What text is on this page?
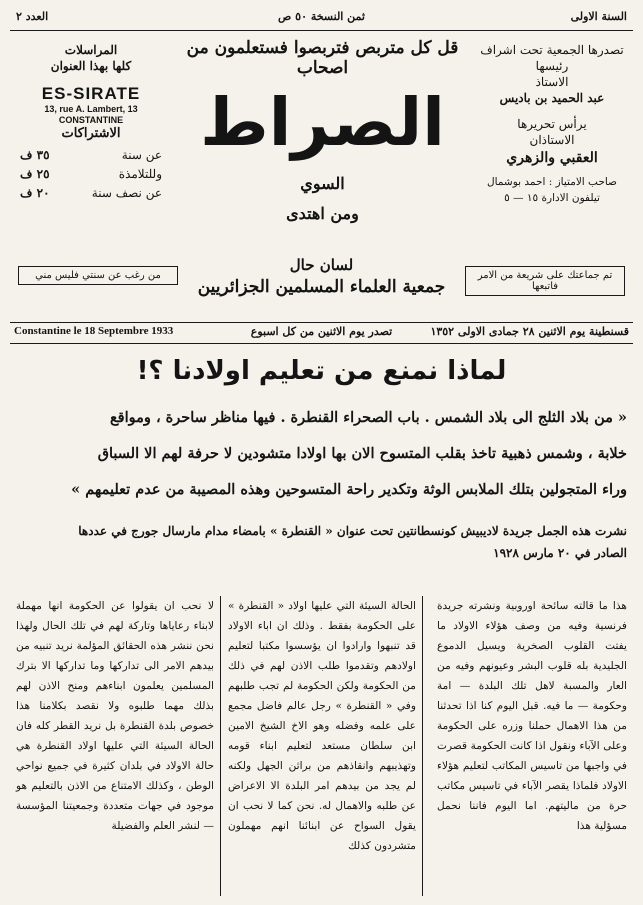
السنة الاولى
ثمن النسخة ٥٠ ص
العدد ٢
تصدرها الجمعية تحت اشراف رئيسها
الاستاذ
عبد الحميد بن باديس
يرأس تحريرها
الاستاذان
العقبي والزهري
صاحب الامتياز : احمد بوشمال
تيلفون الادارة ١٥ — ٥
قل كل متربص فتربصوا فستعلمون من اصحاب
الصراط
السوي
ومن اهتدى
المراسلات
كلها بهذا العنوان
ES-SIRATE
13, rue A. Lambert, 13
CONSTANTINE
الاشتراكات
عن سنة
٣٥ ف
وللتلامذة
٢٥ ف
عن نصف سنة
٢٠ ف
تم جماعتك على شريعة من الامر فاتبعها
من رغب عن سنتي فليس مني
لسان حال
جمعية العلماء المسلمين الجزائريين
Constantine le 18 Septembre 1933	قسنطينة يوم الاثنين ٢٨ جمادى الاولى ١٣٥٢
تصدر يوم الاثنين من كل اسبوع
لماذا نمنع من تعليم اولادنا ؟!
« من بلاد الثلج الى بلاد الشمس . باب الصحراء القنطرة . فيها مناظر ساحرة ، ومواقع
خلابة ، وشمس ذهبية تاخذ بقلب المتسوح الان بها اولادا متشودين لا حرفة لهم الا السباق
وراء المتجولين بتلك الملابس الوثة وتكدير راحة المتسوحين وهذه المصيبة من عدم تعليمهم »
نشرت هذه الجمل جريدة لاديبيش كونسطانتين تحت عنوان « القنطرة » بامضاء مدام مارسال جورج في عددها
الصادر في ٢٠ مارس ١٩٢٨

هذا ما قالته سائحة اوروبية ونشرته جريدة فرنسية وفيه من وصف هؤلاء الاولاد ما يفتت القلوب الصخرية ويسيل الدموع الجليدية بله قلوب البشر وعيونهم وفيه من العار والمسبة لاهل تلك البلدة — امة وحكومة — ما فيه. قبل اليوم كنا اذا تحدثنا من هذا الاهمال حملنا وزره على الحكومة وعلى الآباء ونقول اذا كانت الحكومة قصرت في واجبها من تاسيس المكاتب لتعليم هؤلاء الاولاد فلماذا يقصر الآباء في تاسيس مكاتب حرة من ماليتهم. اما اليوم فاننا نحمل مسؤلية هذا

الحالة السيئة التي عليها اولاد « القنطرة » على الحكومة بفقط . وذلك ان اباء الاولاد قد تنبهوا وارادوا ان يؤسسوا مكتبا لتعليم اولادهم وتقدموا طلب الاذن لهم في ذلك من الحكومة ولكن الحكومة لم تجب طلبهم وفي « القنطرة » رجل عالم فاضل مجمع على علمه وفضله وهو الاخ الشيخ الامين ابن سلطان مستعد لتعليم ابناء قومه وتهذيبهم وانقاذهم من براثن الجهل ولكنه لم يجد من بيدهم امر البلدة الا الاعراض عن طلبه والاهمال له. نحن كما لا نحب ان يقول السواح عن ابنائنا انهم مهملون متشردون كذلك

لا نحب ان يقولوا عن الحكومة انها مهملة لابناء رعاياها وتاركة لهم في تلك الحال ولهذا نحن ننشر هذه الحقائق المؤلمة نريد تنبيه من بيدهم الامر الى تداركها وما تداركها الا بترك المسلمين يعلمون ابناءهم ومنح الاذن لهم بذلك مهما طلبوه ولا نقصد بكلامنا هذا خصوص بلدة القنطرة بل نريد القطر كله فان الحالة السيئة التي عليها اولاد القنطرة هي حالة الاولاد في بلدان كثيرة في جميع نواحي الوطن ، وكذلك الامتناع من الاذن بالتعليم هو موجود في جهات متعددة وجمعيتنا المؤسسة — لنشر العلم والفضيلة
